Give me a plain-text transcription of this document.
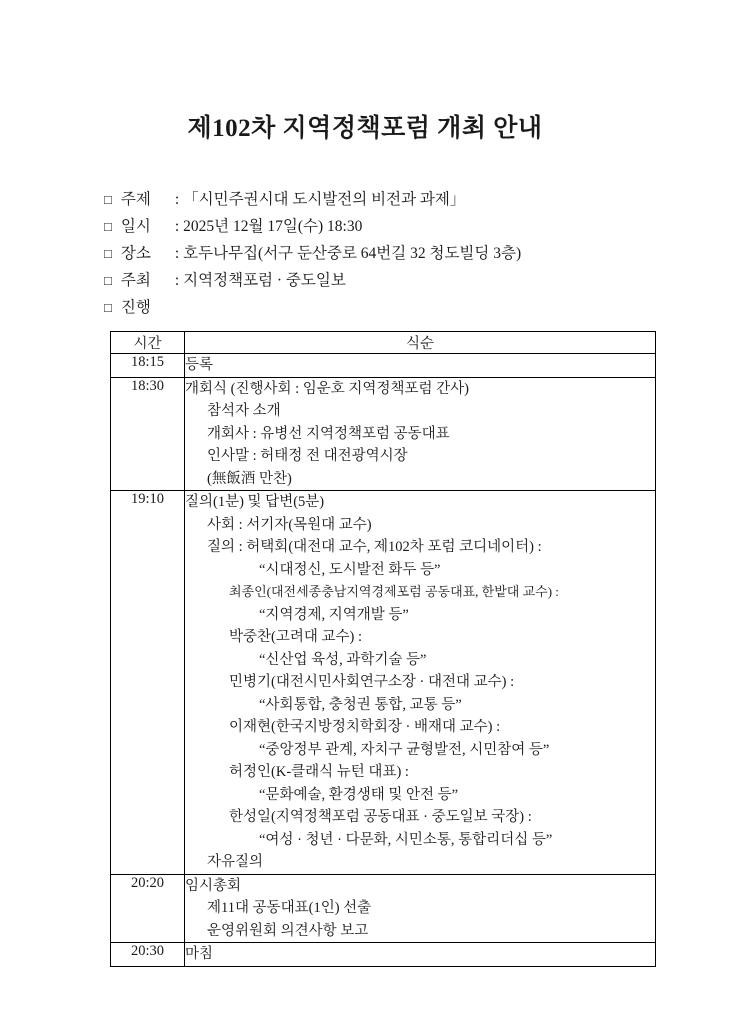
제102차 지역정책포럼 개최 안내
□ 주제	: 「시민주권시대 도시발전의 비전과 과제」
□ 일시	: 2025년 12월 17일(수) 18:30
□ 장소	: 호두나무집(서구 둔산중로 64번길 32 청도빌딩 3층)
□ 주최	: 지역정책포럼 · 중도일보
□ 진행
시간	식순
18:15	등록

18:30	개회식 (진행사회 : 임운호 지역정책포럼 간사)
참석자 소개
개회사 : 유병선 지역정책포럼 공동대표
인사말 : 허태정 전 대전광역시장
(無飯酒 만찬)

19:10	질의(1분) 및 답변(5분)
사회 : 서기자(목원대 교수)
질의 : 허택회(대전대 교수, 제102차 포럼 코디네이터) :
“시대정신, 도시발전 화두 등”
최종인(대전세종충남지역경제포럼 공동대표, 한밭대 교수) :
“지역경제, 지역개발 등”
박중찬(고려대 교수) :
“신산업 육성, 과학기술 등”
민병기(대전시민사회연구소장 · 대전대 교수) :
“사회통합, 충청권 통합, 교통 등”
이재현(한국지방정치학회장 · 배재대 교수) :
“중앙정부 관계, 자치구 균형발전, 시민참여 등”
허정인(K-클래식 뉴턴 대표) :
“문화예술, 환경생태 및 안전 등”
한성일(지역정책포럼 공동대표 · 중도일보 국장) :
“여성 · 청년 · 다문화, 시민소통, 통합리더십 등”
자유질의

20:20	임시총회
제11대 공동대표(1인) 선출
운영위원회 의견사항 보고

20:30	마침
